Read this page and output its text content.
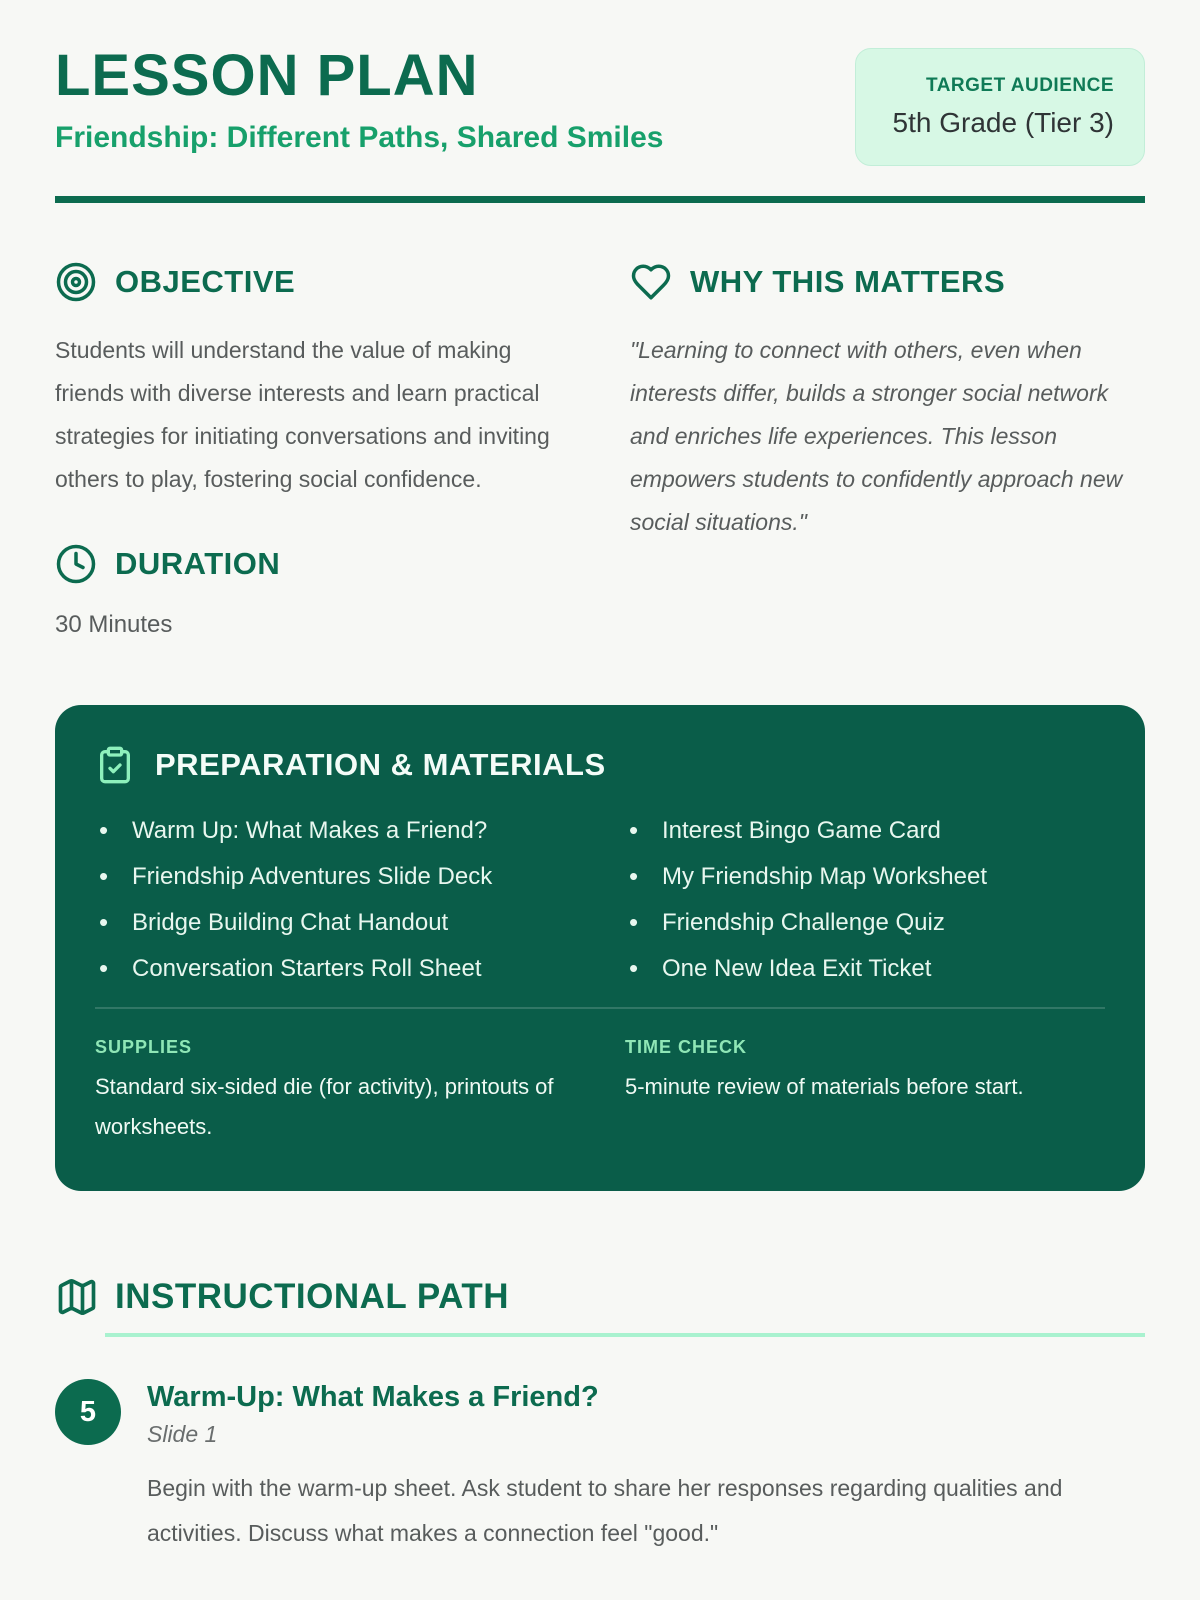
LESSON PLAN
Friendship: Different Paths, Shared Smiles
TARGET AUDIENCE
5th Grade (Tier 3)
OBJECTIVE

Students will understand the value of making friends with diverse interests and learn practical strategies for initiating conversations and inviting others to play, fostering social confidence.

DURATION

30 Minutes

WHY THIS MATTERS

"Learning to connect with others, even when interests differ, builds a stronger social network and enriches life experiences. This lesson empowers students to confidently approach new social situations."

PREPARATION & MATERIALS
• Warm Up: What Makes a Friend?
• Friendship Adventures Slide Deck
• Bridge Building Chat Handout
• Conversation Starters Roll Sheet
• Interest Bingo Game Card
• My Friendship Map Worksheet
• Friendship Challenge Quiz
• One New Idea Exit Ticket
SUPPLIES
Standard six-sided die (for activity), printouts of worksheets.
TIME CHECK
5-minute review of materials before start.
INSTRUCTIONAL PATH
5	Warm-Up: What Makes a Friend?
Slide 1

Begin with the warm-up sheet. Ask student to share her responses regarding qualities and activities. Discuss what makes a connection feel "good."
